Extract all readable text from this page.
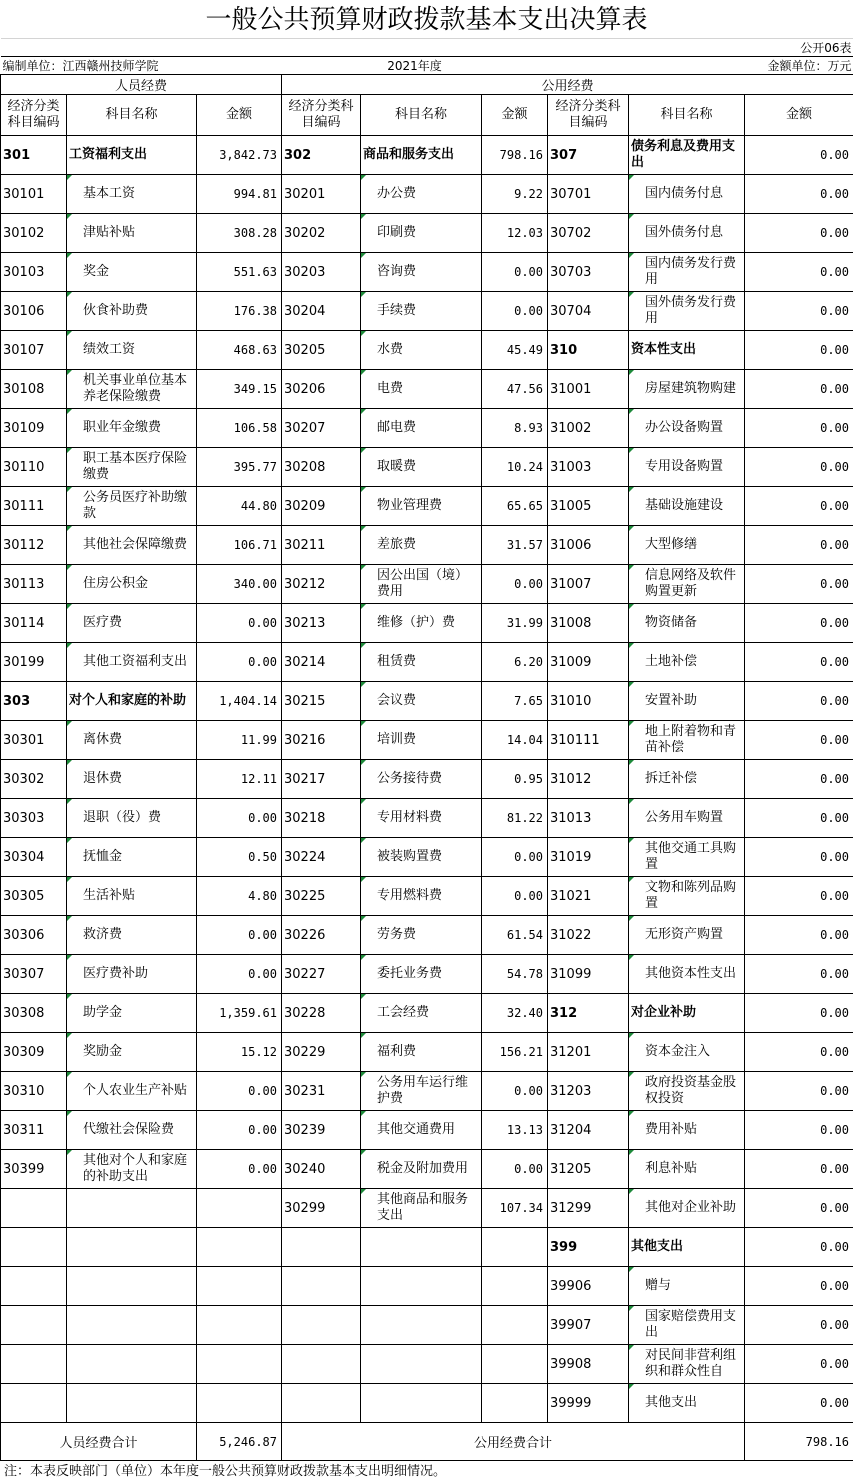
一般公共预算财政拨款基本支出决算表
								公开06表
编制单位：江西赣州技师学院			2021年度			金额单位：万元		
人员经费			公用经费					
经济分类科目编码	科目名称	金额	经济分类科目编码	科目名称	金额	经济分类科目编码	科目名称	金额
301	工资福利支出	3,842.73	302	商品和服务支出	798.16	307	债务利息及费用支出	0.00
30101	基本工资	994.81	30201	办公费	9.22	30701	国内债务付息	0.00
30102	津贴补贴	308.28	30202	印刷费	12.03	30702	国外债务付息	0.00
30103	奖金	551.63	30203	咨询费	0.00	30703	国内债务发行费用	0.00
30106	伙食补助费	176.38	30204	手续费	0.00	30704	国外债务发行费用	0.00
30107	绩效工资	468.63	30205	水费	45.49	310	资本性支出	0.00
30108	机关事业单位基本养老保险缴费	349.15	30206	电费	47.56	31001	房屋建筑物购建	0.00
30109	职业年金缴费	106.58	30207	邮电费	8.93	31002	办公设备购置	0.00
30110	职工基本医疗保险缴费	395.77	30208	取暖费	10.24	31003	专用设备购置	0.00
30111	公务员医疗补助缴款	44.80	30209	物业管理费	65.65	31005	基础设施建设	0.00
30112	其他社会保障缴费	106.71	30211	差旅费	31.57	31006	大型修缮	0.00
30113	住房公积金	340.00	30212	因公出国（境）费用	0.00	31007	信息网络及软件购置更新	0.00
30114	医疗费	0.00	30213	维修（护）费	31.99	31008	物资储备	0.00
30199	其他工资福利支出	0.00	30214	租赁费	6.20	31009	土地补偿	0.00
303	对个人和家庭的补助	1,404.14	30215	会议费	7.65	31010	安置补助	0.00
30301	离休费	11.99	30216	培训费	14.04	310111	地上附着物和青苗补偿	0.00
30302	退休费	12.11	30217	公务接待费	0.95	31012	拆迁补偿	0.00
30303	退职（役）费	0.00	30218	专用材料费	81.22	31013	公务用车购置	0.00
30304	抚恤金	0.50	30224	被装购置费	0.00	31019	其他交通工具购置	0.00
30305	生活补贴	4.80	30225	专用燃料费	0.00	31021	文物和陈列品购置	0.00
30306	救济费	0.00	30226	劳务费	61.54	31022	无形资产购置	0.00
30307	医疗费补助	0.00	30227	委托业务费	54.78	31099	其他资本性支出	0.00
30308	助学金	1,359.61	30228	工会经费	32.40	312	对企业补助	0.00
30309	奖励金	15.12	30229	福利费	156.21	31201	资本金注入	0.00
30310	个人农业生产补贴	0.00	30231	公务用车运行维护费	0.00	31203	政府投资基金股权投资	0.00
30311	代缴社会保险费	0.00	30239	其他交通费用	13.13	31204	费用补贴	0.00
30399	其他对个人和家庭的补助支出	0.00	30240	税金及附加费用	0.00	31205	利息补贴	0.00
			30299	其他商品和服务支出	107.34	31299	其他对企业补助	0.00
						399	其他支出	0.00
						39906	赠与	0.00
						39907	国家赔偿费用支出	0.00
						39908	对民间非营利组织和群众性自	0.00
						39999	其他支出	0.00
人员经费合计		5,246.87	公用经费合计					798.16
注：本表反映部门（单位）本年度一般公共预算财政拨款基本支出明细情况。
